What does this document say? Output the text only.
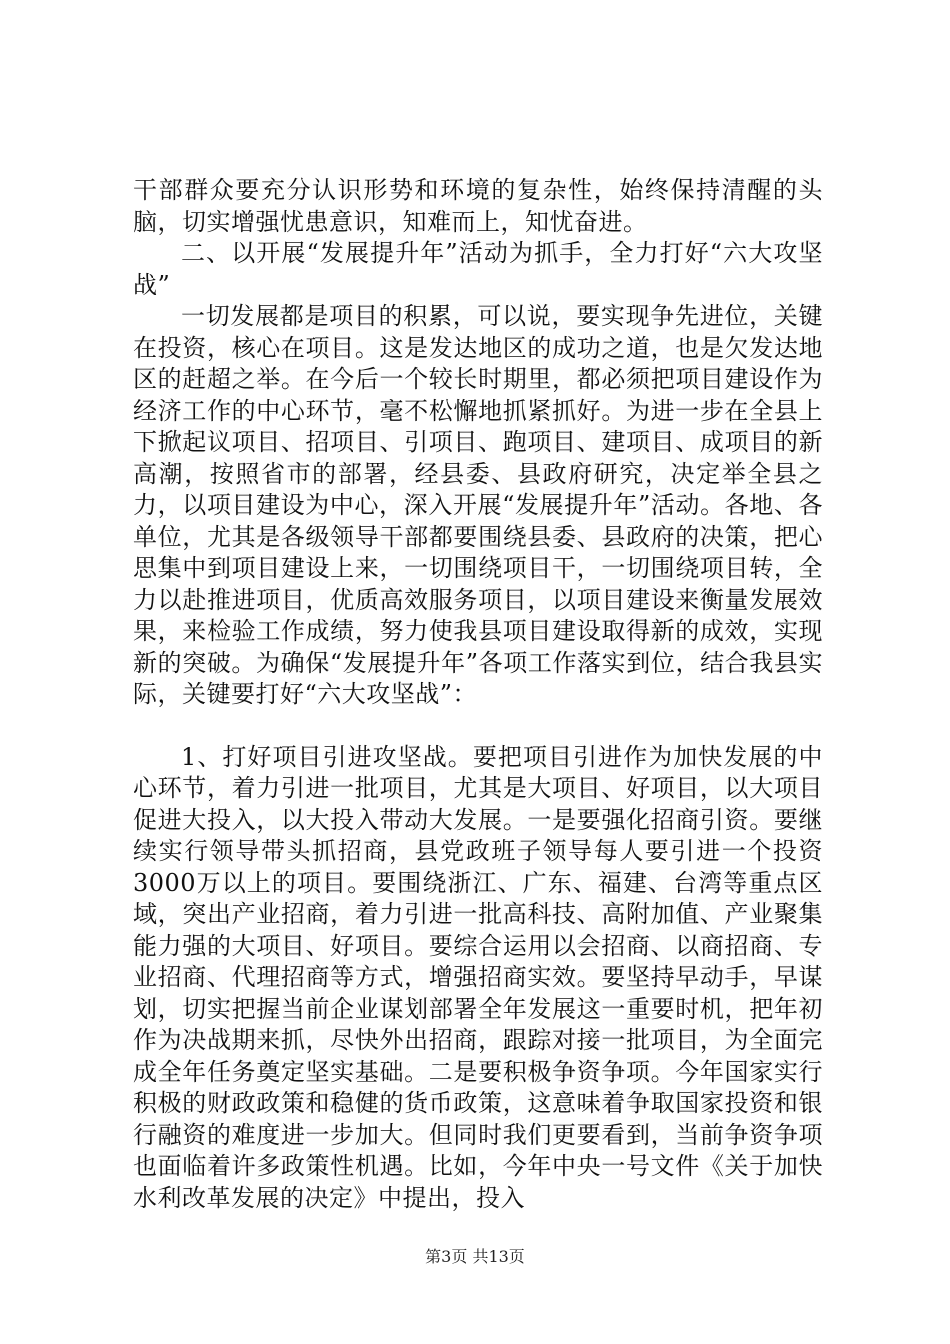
干部群众要充分认识形势和环境的复杂性，始终保持清醒的头脑，切实增强忧患意识，知难而上，知忧奋进。

二、以开展“发展提升年”活动为抓手，全力打好“六大攻坚战”

一切发展都是项目的积累，可以说，要实现争先进位，关键在投资，核心在项目。这是发达地区的成功之道，也是欠发达地区的赶超之举。在今后一个较长时期里，都必须把项目建设作为经济工作的中心环节，毫不松懈地抓紧抓好。为进一步在全县上下掀起议项目、招项目、引项目、跑项目、建项目、成项目的新高潮，按照省市的部署，经县委、县政府研究，决定举全县之力，以项目建设为中心，深入开展“发展提升年”活动。各地、各单位，尤其是各级领导干部都要围绕县委、县政府的决策，把心思集中到项目建设上来，一切围绕项目干，一切围绕项目转，全力以赴推进项目，优质高效服务项目，以项目建设来衡量发展效果，来检验工作成绩，努力使我县项目建设取得新的成效，实现新的突破。为确保“发展提升年”各项工作落实到位，结合我县实际，关键要打好“六大攻坚战”：

1、打好项目引进攻坚战。要把项目引进作为加快发展的中心环节，着力引进一批项目，尤其是大项目、好项目，以大项目促进大投入，以大投入带动大发展。一是要强化招商引资。要继续实行领导带头抓招商，县党政班子领导每人要引进一个投资3000万以上的项目。要围绕浙江、广东、福建、台湾等重点区域，突出产业招商，着力引进一批高科技、高附加值、产业聚集能力强的大项目、好项目。要综合运用以会招商、以商招商、专业招商、代理招商等方式，增强招商实效。要坚持早动手，早谋划，切实把握当前企业谋划部署全年发展这一重要时机，把年初作为决战期来抓，尽快外出招商，跟踪对接一批项目，为全面完成全年任务奠定坚实基础。二是要积极争资争项。今年国家实行积极的财政政策和稳健的货币政策，这意味着争取国家投资和银行融资的难度进一步加大。但同时我们更要看到，当前争资争项也面临着许多政策性机遇。比如，今年中央一号文件《关于加快水利改革发展的决定》中提出，投入

第3页 共13页
